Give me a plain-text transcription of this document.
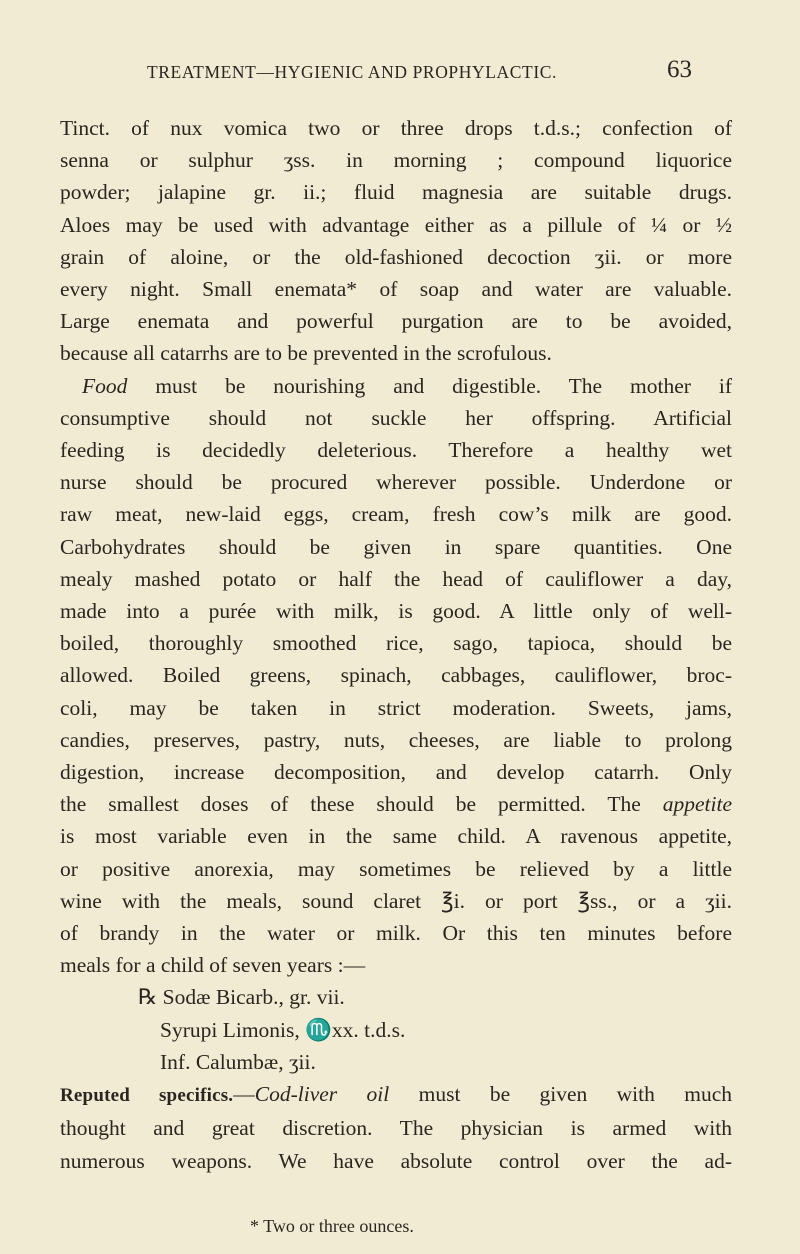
TREATMENT—HYGIENIC AND PROPHYLACTIC.	63
Tinct. of nux vomica two or three drops t.d.s.; confection of
senna or sulphur ʒss. in morning ; compound liquorice
powder; jalapine gr. ii.; fluid magnesia are suitable drugs.
Aloes may be used with advantage either as a pillule of ¼ or ½
grain of aloine, or the old-fashioned decoction ʒii. or more
every night. Small enemata* of soap and water are valuable.
Large enemata and powerful purgation are to be avoided,
because all catarrhs are to be prevented in the scrofulous.
Food must be nourishing and digestible. The mother if
consumptive should not suckle her offspring. Artificial
feeding is decidedly deleterious. Therefore a healthy wet
nurse should be procured wherever possible. Underdone or
raw meat, new-laid eggs, cream, fresh cow’s milk are good.
Carbohydrates should be given in spare quantities. One
mealy mashed potato or half the head of cauliflower a day,
made into a purée with milk, is good. A little only of well-
boiled, thoroughly smoothed rice, sago, tapioca, should be
allowed. Boiled greens, spinach, cabbages, cauliflower, broc-
coli, may be taken in strict moderation. Sweets, jams,
candies, preserves, pastry, nuts, cheeses, are liable to prolong
digestion, increase decomposition, and develop catarrh. Only
the smallest doses of these should be permitted. The appetite
is most variable even in the same child. A ravenous appetite,
or positive anorexia, may sometimes be relieved by a little
wine with the meals, sound claret ℥i. or port ℥ss., or a ʒii.
of brandy in the water or milk. Or this ten minutes before
meals for a child of seven years :—
℞ Sodæ Bicarb., gr. vii.
Syrupi Limonis, ♏xx. t.d.s.
Inf. Calumbæ, ʒii.
Reputed specifics.—Cod-liver oil must be given with much
thought and great discretion. The physician is armed with
numerous weapons. We have absolute control over the ad-
* Two or three ounces.
